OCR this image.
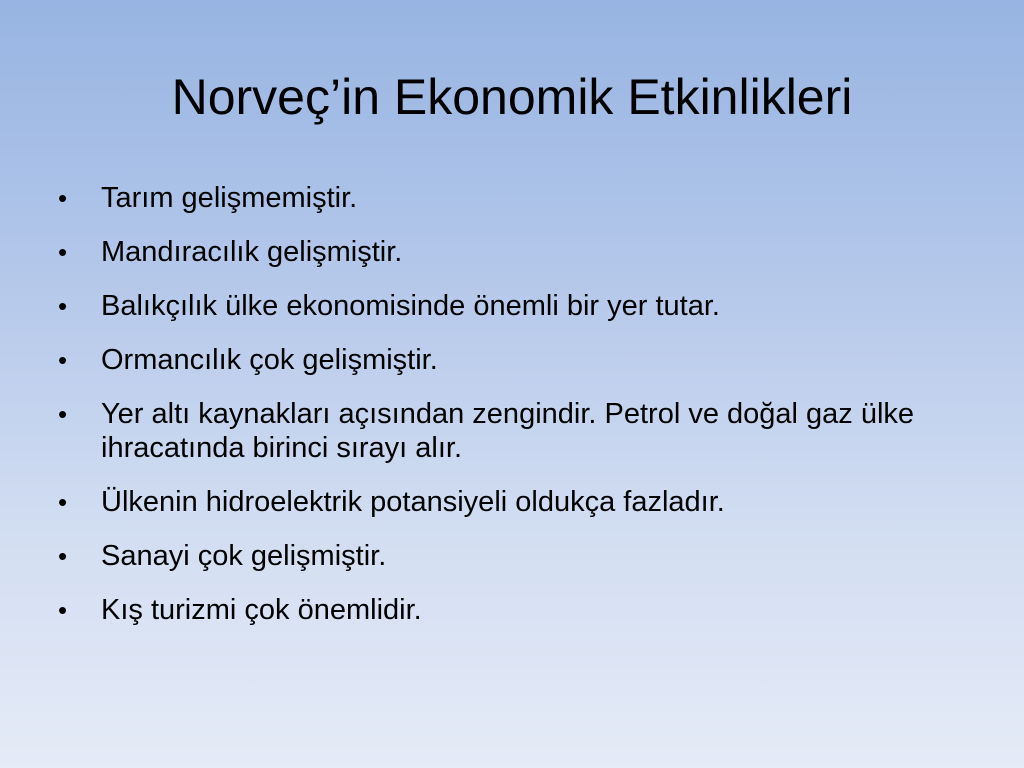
Norveç’in Ekonomik Etkinlikleri
•	Tarım gelişmemiştir.
•	Mandıracılık gelişmiştir.
•	Balıkçılık ülke ekonomisinde önemli bir yer tutar.
•	Ormancılık çok gelişmiştir.
•	Yer altı kaynakları açısından zengindir. Petrol ve doğal gaz ülke ihracatında birinci sırayı alır.
•	Ülkenin hidroelektrik potansiyeli oldukça fazladır.
•	Sanayi çok gelişmiştir.
•	Kış turizmi çok önemlidir.
